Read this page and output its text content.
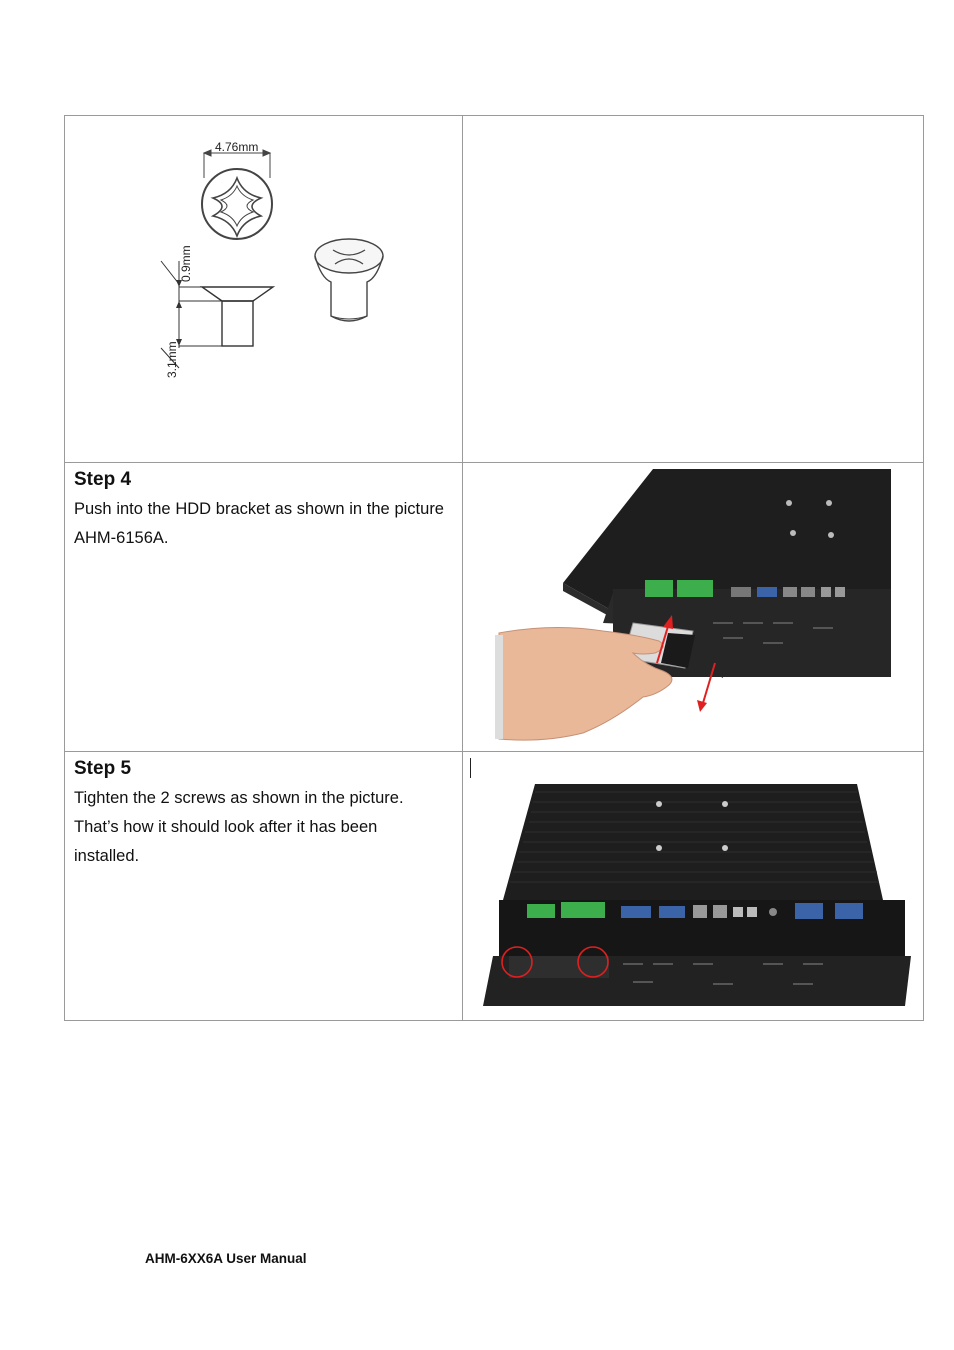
4.76mm
0.9mm
3.1mm
Step 4
Push into the HDD bracket as shown in the picture AHM-6156A.
Step 5
Tighten the 2 screws as shown in the picture.
That’s how it should look after it has been installed.
AHM-6XX6A User Manual
